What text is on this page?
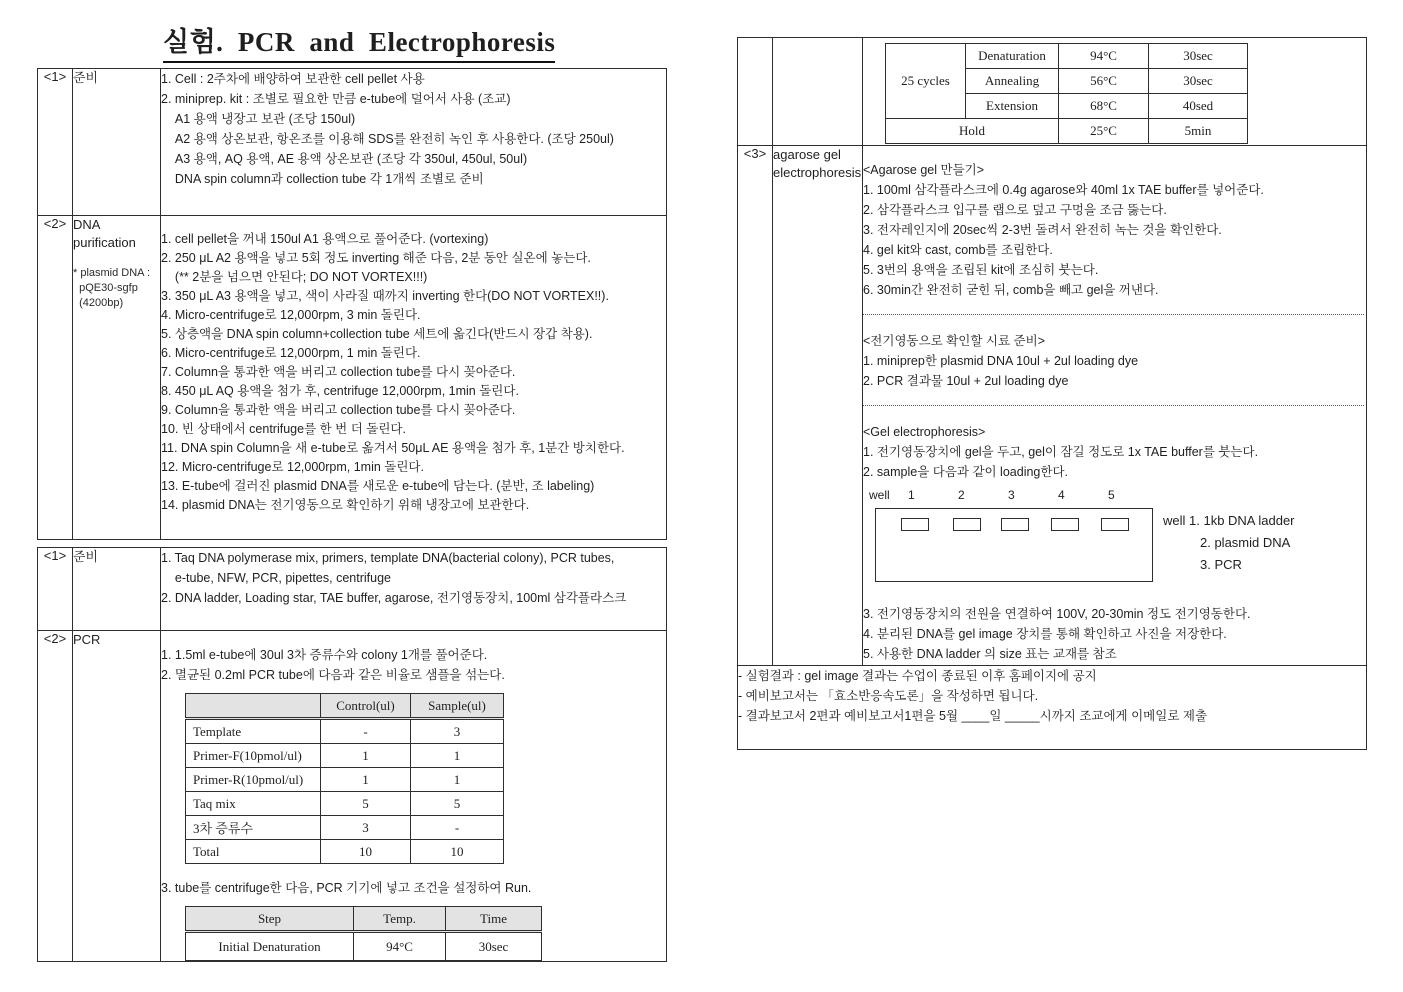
실험.  PCR  and  Electrophoresis
<1>	준비	1. Cell : 2주차에 배양하여 보관한 cell pellet 사용
2. miniprep. kit : 조별로 필요한 만큼 e-tube에 덜어서 사용 (조교)
A1 용액 냉장고 보관 (조당 150ul)
A2 용액 상온보관, 항온조를 이용해 SDS를 완전히 녹인 후 사용한다. (조당 250ul)
A3 용액, AQ 용액, AE 용액 상온보관 (조당 각 350ul, 450ul, 50ul)
DNA spin column과 collection tube 각 1개씩 조별로 준비

<2>	DNA purification
* plasmid DNA :
pQE30-sgfp
(4200bp)

1. cell pellet을 꺼내 150ul A1 용액으로 풀어준다. (vortexing)
2. 250 μL A2 용액을 넣고 5회 정도 inverting 해준 다음, 2분 동안 실온에 놓는다.
(** 2분을 넘으면 안된다; DO NOT VORTEX!!!)
3. 350 μL A3 용액을 넣고, 색이 사라질 때까지 inverting 한다(DO NOT VORTEX!!).
4. Micro-centrifuge로 12,000rpm, 3 min 돌린다.
5. 상층액을 DNA spin column+collection tube 세트에 옮긴다(반드시 장갑 착용).
6. Micro-centrifuge로 12,000rpm, 1 min 돌린다.
7. Column을 통과한 액을 버리고 collection tube를 다시 꽂아준다.
8. 450 μL AQ 용액을 첨가 후, centrifuge 12,000rpm, 1min 돌린다.
9. Column을 통과한 액을 버리고 collection tube를 다시 꽂아준다.
10. 빈 상태에서 centrifuge를 한 번 더 돌린다.
11. DNA spin Column을 새 e-tube로 옮겨서 50μL AE 용액을 첨가 후, 1분간 방치한다.
12. Micro-centrifuge로 12,000rpm, 1min 돌린다.
13. E-tube에 걸러진 plasmid DNA를 새로운 e-tube에 담는다. (분반, 조 labeling)
14. plasmid DNA는 전기영동으로 확인하기 위해 냉장고에 보관한다.
<1>	준비	1. Taq DNA polymerase mix, primers, template DNA(bacterial colony), PCR tubes,
e-tube, NFW, PCR, pipettes, centrifuge
2. DNA ladder, Loading star, TAE buffer, agarose, 전기영동장치, 100ml 삼각플라스크

<2>	PCR	
1. 1.5ml e-tube에 30ul 3차 증류수와 colony 1개를 풀어준다.
2. 멸균된 0.2ml PCR tube에 다음과 같은 비율로 샘플을 섞는다.
	Control(ul)	Sample(ul)
Template	-	3
Primer-F(10pmol/ul)	1	1
Primer-R(10pmol/ul)	1	1
Taq mix	5	5
3차 증류수	3	-
Total	10	10
3. tube를 centrifuge한 다음, PCR 기기에 넣고 조건을 설정하여 Run.
Step	Temp.	Time
Initial Denaturation	94°C	30sec

25 cycles	Denaturation	94°C	30sec
Annealing	56°C	30sec
Extension	68°C	40sed
Hold	25°C	5min

<3>	agarose gel electrophoresis	<Agarose gel 만들기>
1. 100ml 삼각플라스크에 0.4g agarose와 40ml 1x TAE buffer를 넣어준다.
2. 삼각플라스크 입구를 랩으로 덮고 구멍을 조금 뚫는다.
3. 전자레인지에 20sec씩 2-3번 돌려서 완전히 녹는 것을 확인한다.
4. gel kit와 cast, comb를 조립한다.
5. 3번의 용액을 조립된 kit에 조심히 붓는다.
6. 30min간 완전히 굳힌 뒤, comb을 빼고 gel을 꺼낸다.
<전기영동으로 확인할 시료 준비>
1. miniprep한 plasmid DNA 10ul + 2ul loading dye
2. PCR 결과물 10ul + 2ul loading dye
<Gel electrophoresis>
1. 전기영동장치에 gel을 두고, gel이 잠길 정도로 1x TAE buffer를 붓는다.
2. sample을 다음과 같이 loading한다.
well 1	2	3	4	5
well 1. 1kb DNA ladder
2. plasmid DNA
3. PCR
3. 전기영동장치의 전원을 연결하여 100V, 20-30min 정도 전기영동한다.
4. 분리된 DNA를 gel image 장치를 통해 확인하고 사진을 저장한다.
5. 사용한 DNA ladder 의 size 표는 교재를 참조

- 실험결과 : gel image 결과는 수업이 종료된 이후 홈페이지에 공지
- 예비보고서는 「효소반응속도론」을 작성하면 됩니다.
- 결과보고서 2편과 예비보고서1편을 5월 ____일 _____시까지 조교에게 이메일로 제출
